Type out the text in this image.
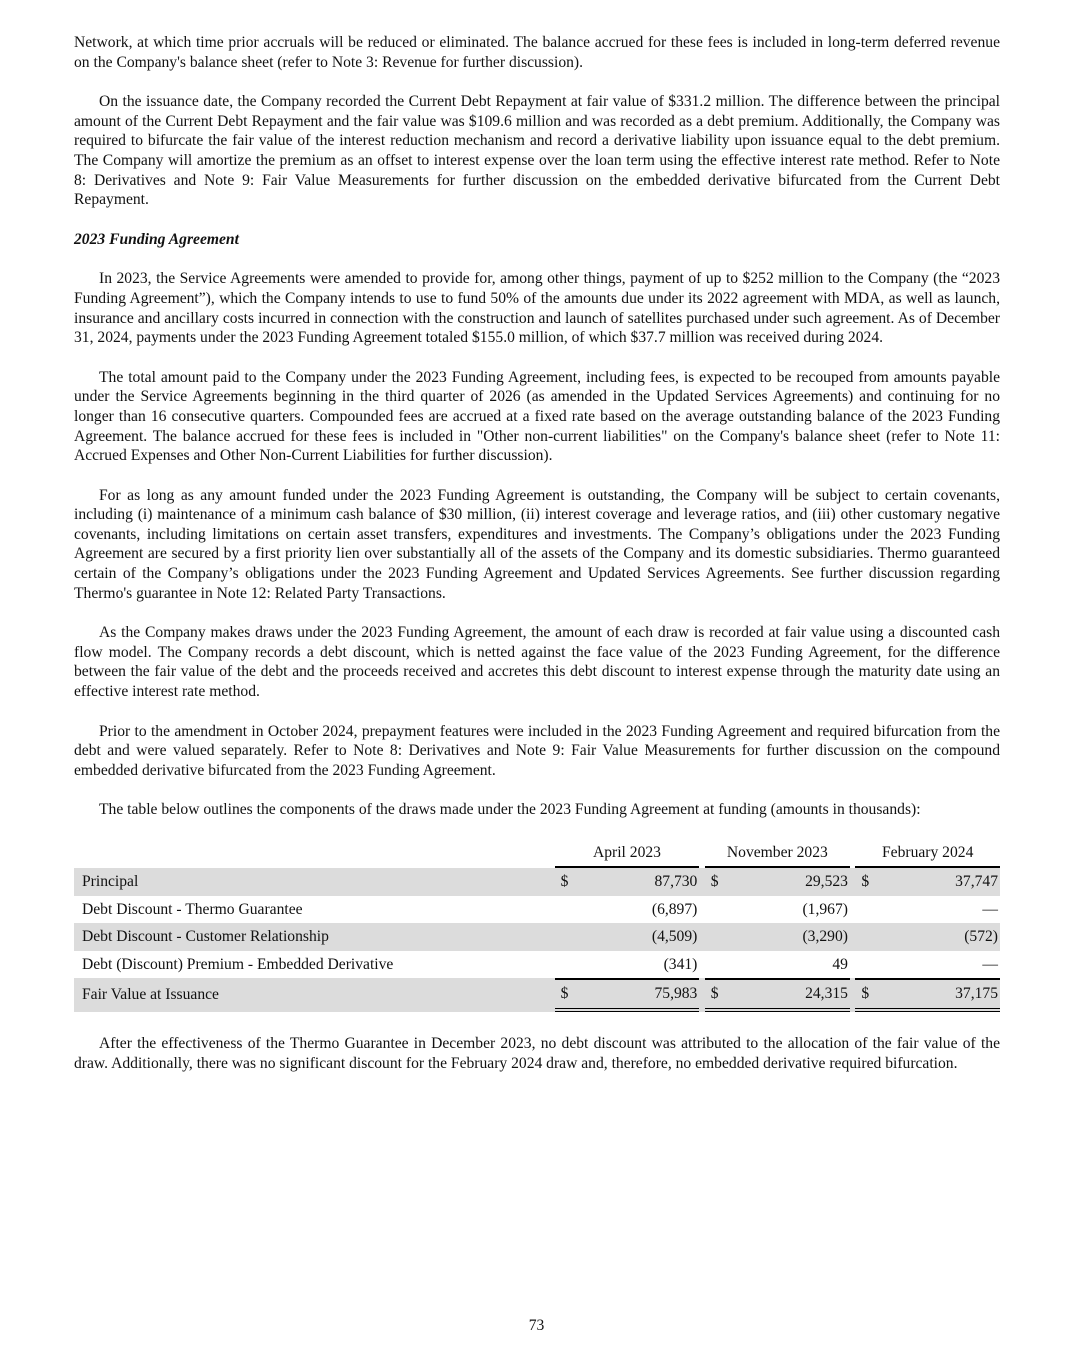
Network, at which time prior accruals will be reduced or eliminated. The balance accrued for these fees is included in long-term deferred revenue on the Company's balance sheet (refer to Note 3: Revenue for further discussion).

On the issuance date, the Company recorded the Current Debt Repayment at fair value of $331.2 million. The difference between the principal amount of the Current Debt Repayment and the fair value was $109.6 million and was recorded as a debt premium. Additionally, the Company was required to bifurcate the fair value of the interest reduction mechanism and record a derivative liability upon issuance equal to the debt premium. The Company will amortize the premium as an offset to interest expense over the loan term using the effective interest rate method. Refer to Note 8: Derivatives and Note 9: Fair Value Measurements for further discussion on the embedded derivative bifurcated from the Current Debt Repayment.

2023 Funding Agreement

In 2023, the Service Agreements were amended to provide for, among other things, payment of up to $252 million to the Company (the “2023 Funding Agreement”), which the Company intends to use to fund 50% of the amounts due under its 2022 agreement with MDA, as well as launch, insurance and ancillary costs incurred in connection with the construction and launch of satellites purchased under such agreement. As of December 31, 2024, payments under the 2023 Funding Agreement totaled $155.0 million, of which $37.7 million was received during 2024.

The total amount paid to the Company under the 2023 Funding Agreement, including fees, is expected to be recouped from amounts payable under the Service Agreements beginning in the third quarter of 2026 (as amended in the Updated Services Agreements) and continuing for no longer than 16 consecutive quarters. Compounded fees are accrued at a fixed rate based on the average outstanding balance of the 2023 Funding Agreement. The balance accrued for these fees is included in "Other non-current liabilities" on the Company's balance sheet (refer to Note 11: Accrued Expenses and Other Non-Current Liabilities for further discussion).

For as long as any amount funded under the 2023 Funding Agreement is outstanding, the Company will be subject to certain covenants, including (i) maintenance of a minimum cash balance of $30 million, (ii) interest coverage and leverage ratios, and (iii) other customary negative covenants, including limitations on certain asset transfers, expenditures and investments. The Company’s obligations under the 2023 Funding Agreement are secured by a first priority lien over substantially all of the assets of the Company and its domestic subsidiaries. Thermo guaranteed certain of the Company’s obligations under the 2023 Funding Agreement and Updated Services Agreements. See further discussion regarding Thermo's guarantee in Note 12: Related Party Transactions.

As the Company makes draws under the 2023 Funding Agreement, the amount of each draw is recorded at fair value using a discounted cash flow model. The Company records a debt discount, which is netted against the face value of the 2023 Funding Agreement, for the difference between the fair value of the debt and the proceeds received and accretes this debt discount to interest expense through the maturity date using an effective interest rate method.

Prior to the amendment in October 2024, prepayment features were included in the 2023 Funding Agreement and required bifurcation from the debt and were valued separately. Refer to Note 8: Derivatives and Note 9: Fair Value Measurements for further discussion on the compound embedded derivative bifurcated from the 2023 Funding Agreement.

The table below outlines the components of the draws made under the 2023 Funding Agreement at funding (amounts in thousands):

		April 2023			November 2023			February 2024	
Principal		$	87,730		$	29,523		$	37,747
Debt Discount - Thermo Guarantee			(6,897)			(1,967)			—
Debt Discount - Customer Relationship			(4,509)			(3,290)			(572)
Debt (Discount) Premium - Embedded Derivative			(341)			49			—
Fair Value at Issuance		$	75,983		$	24,315		$	37,175

After the effectiveness of the Thermo Guarantee in December 2023, no debt discount was attributed to the allocation of the fair value of the draw. Additionally, there was no significant discount for the February 2024 draw and, therefore, no embedded derivative required bifurcation.

73
